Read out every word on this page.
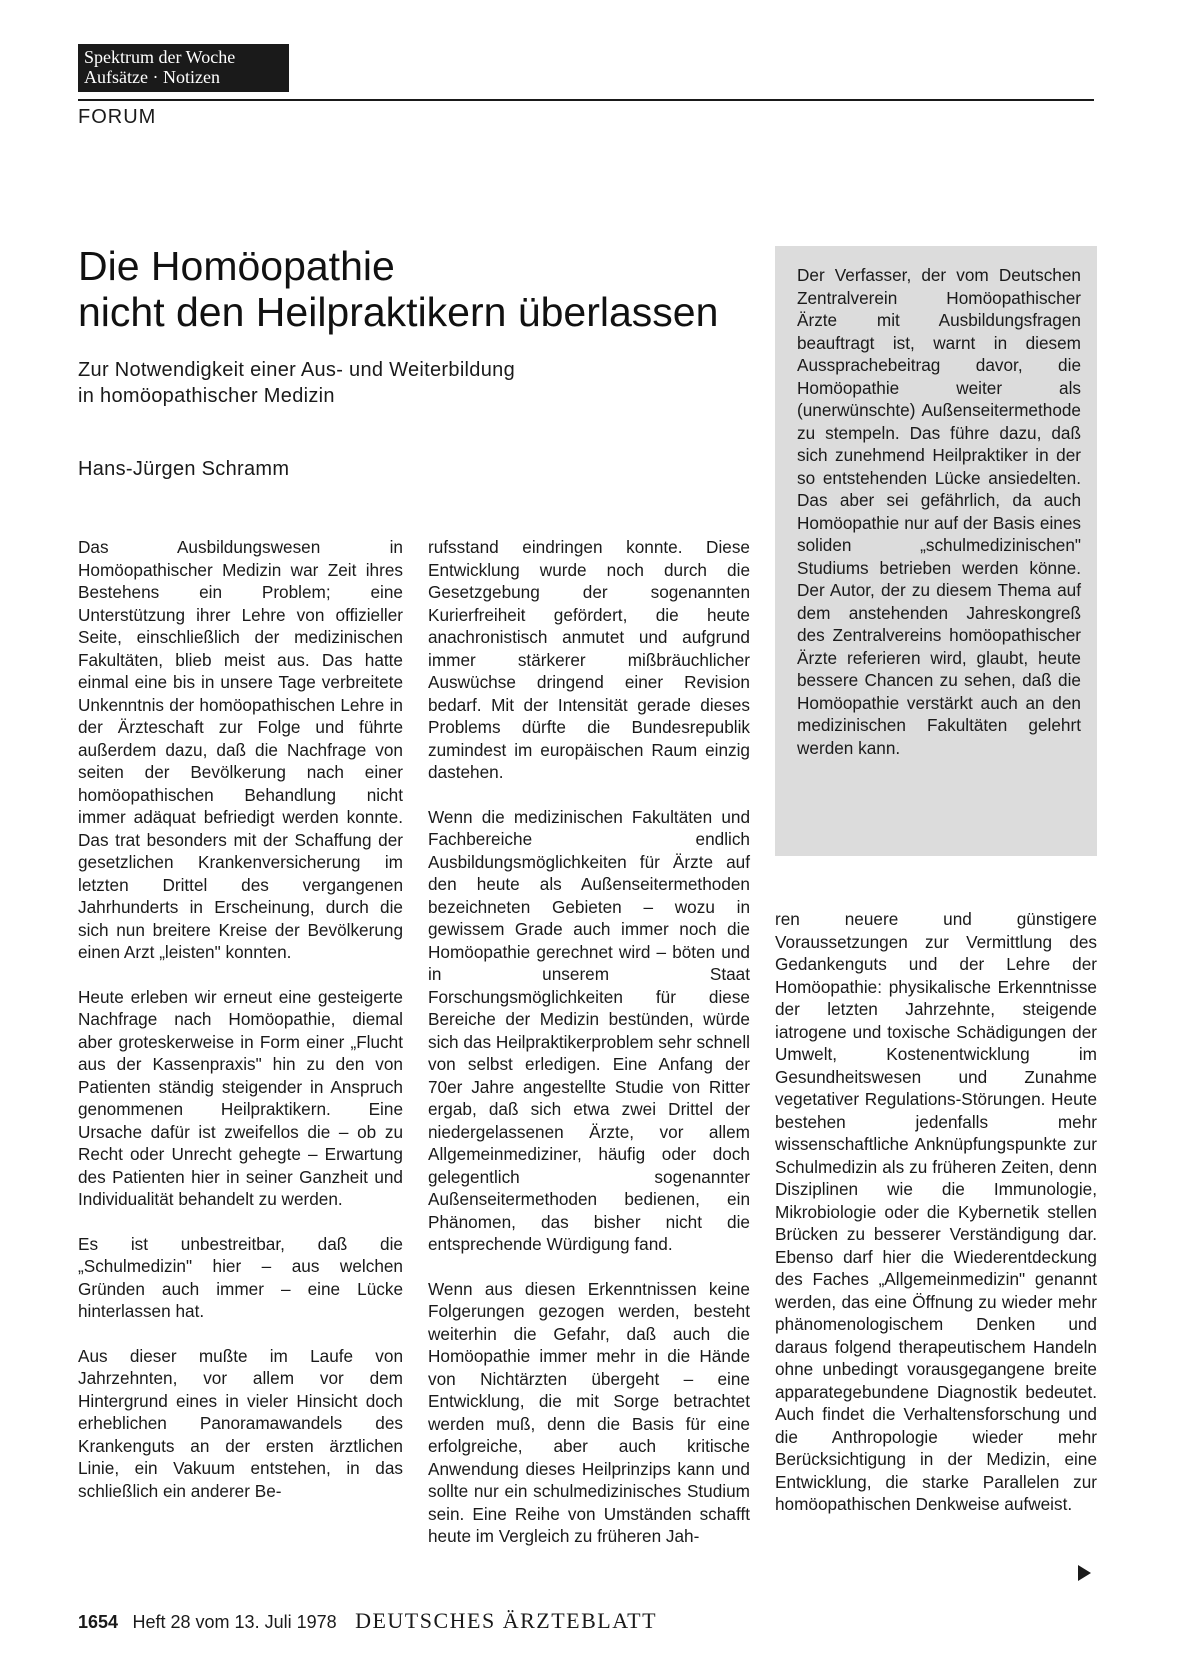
Spektrum der Woche
Aufsätze · Notizen
FORUM
Die Homöopathie
nicht den Heilpraktikern überlassen
Zur Notwendigkeit einer Aus- und Weiterbildung
in homöopathischer Medizin
Hans-Jürgen Schramm

Der Verfasser, der vom Deutschen Zentralverein Homöopathischer Ärzte mit Ausbildungsfragen beauftragt ist, warnt in diesem Aussprachebeitrag davor, die Homöopathie weiter als (unerwünschte) Außenseitermethode zu stempeln. Das führe dazu, daß sich zunehmend Heilpraktiker in der so entstehenden Lücke ansiedelten. Das aber sei gefährlich, da auch Homöopathie nur auf der Basis eines soliden „schulmedizinischen" Studiums betrieben werden könne. Der Autor, der zu diesem Thema auf dem anstehenden Jahreskongreß des Zentralvereins homöopathischer Ärzte referieren wird, glaubt, heute bessere Chancen zu sehen, daß die Homöopathie verstärkt auch an den medizinischen Fakultäten gelehrt werden kann.

Das Ausbildungswesen in Homöopathischer Medizin war Zeit ihres Bestehens ein Problem; eine Unterstützung ihrer Lehre von offizieller Seite, einschließlich der medizinischen Fakultäten, blieb meist aus. Das hatte einmal eine bis in unsere Tage verbreitete Unkenntnis der homöopathischen Lehre in der Ärzteschaft zur Folge und führte außerdem dazu, daß die Nachfrage von seiten der Bevölkerung nach einer homöopathischen Behandlung nicht immer adäquat befriedigt werden konnte. Das trat besonders mit der Schaffung der gesetzlichen Krankenversicherung im letzten Drittel des vergangenen Jahrhunderts in Erscheinung, durch die sich nun breitere Kreise der Bevölkerung einen Arzt „leisten" konnten.

Heute erleben wir erneut eine gesteigerte Nachfrage nach Homöopathie, diemal aber groteskerweise in Form einer „Flucht aus der Kassenpraxis" hin zu den von Patienten ständig steigender in Anspruch genommenen Heilpraktikern. Eine Ursache dafür ist zweifellos die – ob zu Recht oder Unrecht gehegte – Erwartung des Patienten hier in seiner Ganzheit und Individualität behandelt zu werden.

Es ist unbestreitbar, daß die „Schulmedizin" hier – aus welchen Gründen auch immer – eine Lücke hinterlassen hat.

Aus dieser mußte im Laufe von Jahrzehnten, vor allem vor dem Hintergrund eines in vieler Hinsicht doch erheblichen Panoramawandels des Krankenguts an der ersten ärztlichen Linie, ein Vakuum entstehen, in das schließlich ein anderer Be-

rufsstand eindringen konnte. Diese Entwicklung wurde noch durch die Gesetzgebung der sogenannten Kurierfreiheit gefördert, die heute anachronistisch anmutet und aufgrund immer stärkerer mißbräuchlicher Auswüchse dringend einer Revision bedarf. Mit der Intensität gerade dieses Problems dürfte die Bundesrepublik zumindest im europäischen Raum einzig dastehen.

Wenn die medizinischen Fakultäten und Fachbereiche endlich Ausbildungsmöglichkeiten für Ärzte auf den heute als Außenseitermethoden bezeichneten Gebieten – wozu in gewissem Grade auch immer noch die Homöopathie gerechnet wird – böten und in unserem Staat Forschungsmöglichkeiten für diese Bereiche der Medizin bestünden, würde sich das Heilpraktikerproblem sehr schnell von selbst erledigen. Eine Anfang der 70er Jahre angestellte Studie von Ritter ergab, daß sich etwa zwei Drittel der niedergelassenen Ärzte, vor allem Allgemeinmediziner, häufig oder doch gelegentlich sogenannter Außenseitermethoden bedienen, ein Phänomen, das bisher nicht die entsprechende Würdigung fand.

Wenn aus diesen Erkenntnissen keine Folgerungen gezogen werden, besteht weiterhin die Gefahr, daß auch die Homöopathie immer mehr in die Hände von Nichtärzten übergeht – eine Entwicklung, die mit Sorge betrachtet werden muß, denn die Basis für eine erfolgreiche, aber auch kritische Anwendung dieses Heilprinzips kann und sollte nur ein schulmedizinisches Studium sein. Eine Reihe von Umständen schafft heute im Vergleich zu früheren Jah-

ren neuere und günstigere Voraussetzungen zur Vermittlung des Gedankenguts und der Lehre der Homöopathie: physikalische Erkenntnisse der letzten Jahrzehnte, steigende iatrogene und toxische Schädigungen der Umwelt, Kostenentwicklung im Gesundheitswesen und Zunahme vegetativer Regulations-Störungen. Heute bestehen jedenfalls mehr wissenschaftliche Anknüpfungspunkte zur Schulmedizin als zu früheren Zeiten, denn Disziplinen wie die Immunologie, Mikrobiologie oder die Kybernetik stellen Brücken zu besserer Verständigung dar. Ebenso darf hier die Wiederentdeckung des Faches „Allgemeinmedizin" genannt werden, das eine Öffnung zu wieder mehr phänomenologischem Denken und daraus folgend therapeutischem Handeln ohne unbedingt vorausgegangene breite apparategebundene Diagnostik bedeutet. Auch findet die Verhaltensforschung und die Anthropologie wieder mehr Berücksichtigung in der Medizin, eine Entwicklung, die starke Parallelen zur homöopathischen Denkweise aufweist.

1654 Heft 28 vom 13. Juli 1978 DEUTSCHES ÄRZTEBLATT
